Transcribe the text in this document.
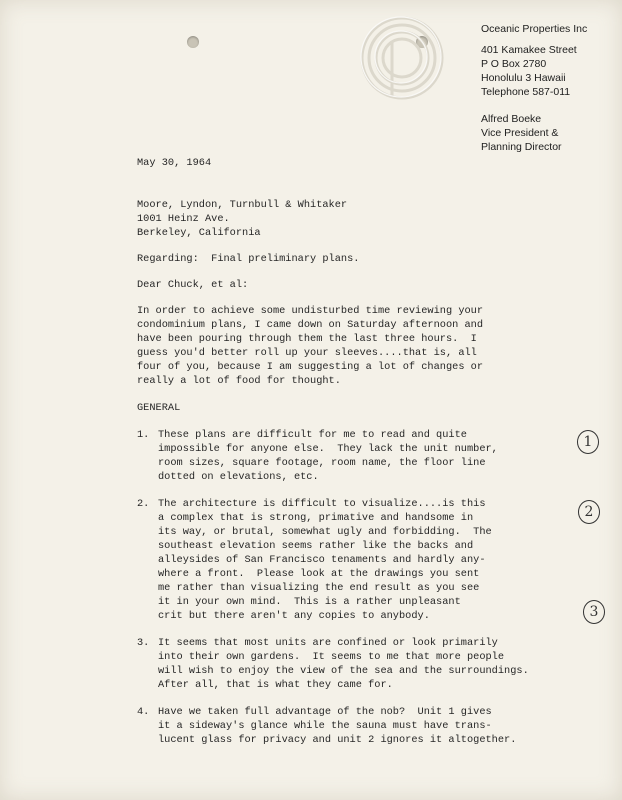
Oceanic Properties Inc
401 Kamakee Street
P O Box 2780
Honolulu 3 Hawaii
Telephone 587-011
Alfred Boeke
Vice President &
Planning Director
May 30, 1964
Moore, Lyndon, Turnbull & Whitaker
1001 Heinz Ave.
Berkeley, California
Regarding:  Final preliminary plans.
Dear Chuck, et al:
In order to achieve some undisturbed time reviewing your
condominium plans, I came down on Saturday afternoon and
have been pouring through them the last three hours.  I
guess you'd better roll up your sleeves....that is, all
four of you, because I am suggesting a lot of changes or
really a lot of food for thought.
GENERAL
1. These plans are difficult for me to read and quite
impossible for anyone else.  They lack the unit number,
room sizes, square footage, room name, the floor line
dotted on elevations, etc.
2. The architecture is difficult to visualize....is this
a complex that is strong, primative and handsome in
its way, or brutal, somewhat ugly and forbidding.  The
southeast elevation seems rather like the backs and
alleysides of San Francisco tenaments and hardly any-
where a front.  Please look at the drawings you sent
me rather than visualizing the end result as you see
it in your own mind.  This is a rather unpleasant
crit but there aren't any copies to anybody.
3. It seems that most units are confined or look primarily
into their own gardens.  It seems to me that more people
will wish to enjoy the view of the sea and the surroundings.
After all, that is what they came for.
4. Have we taken full advantage of the nob?  Unit 1 gives
it a sideway's glance while the sauna must have trans-
lucent glass for privacy and unit 2 ignores it altogether.
1
2
3
